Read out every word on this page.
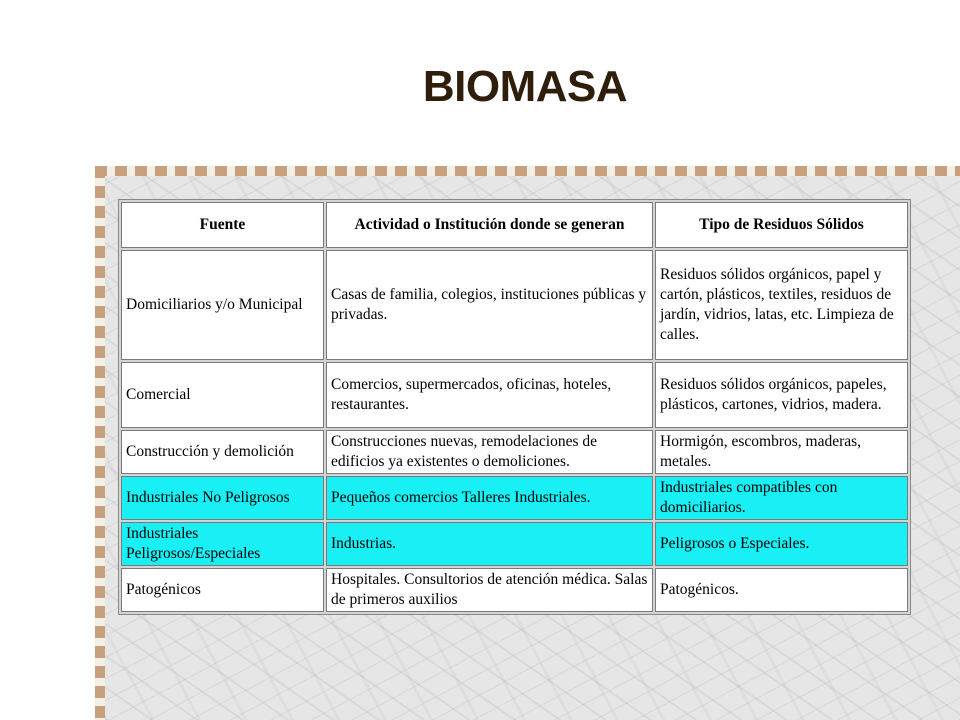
BIOMASA
Fuente	Actividad o Institución donde se generan	Tipo de Residuos Sólidos
Domiciliarios y/o Municipal	Casas de familia, colegios, instituciones públicas y privadas.	Residuos sólidos orgánicos, papel y cartón, plásticos, textiles, residuos de jardín, vidrios, latas, etc. Limpieza de calles.
Comercial	Comercios, supermercados, oficinas, hoteles, restaurantes.	Residuos sólidos orgánicos, papeles, plásticos, cartones, vidrios, madera.
Construcción y demolición	Construcciones nuevas, remodelaciones de edificios ya existentes o demoliciones.	Hormigón, escombros, maderas, metales.
Industriales No Peligrosos	Pequeños comercios Talleres Industriales.	Industriales compatibles con domiciliarios.
Industriales Peligrosos/Especiales	Industrias.	Peligrosos o Especiales.
Patogénicos	Hospitales. Consultorios de atención médica. Salas de primeros auxilios	Patogénicos.
